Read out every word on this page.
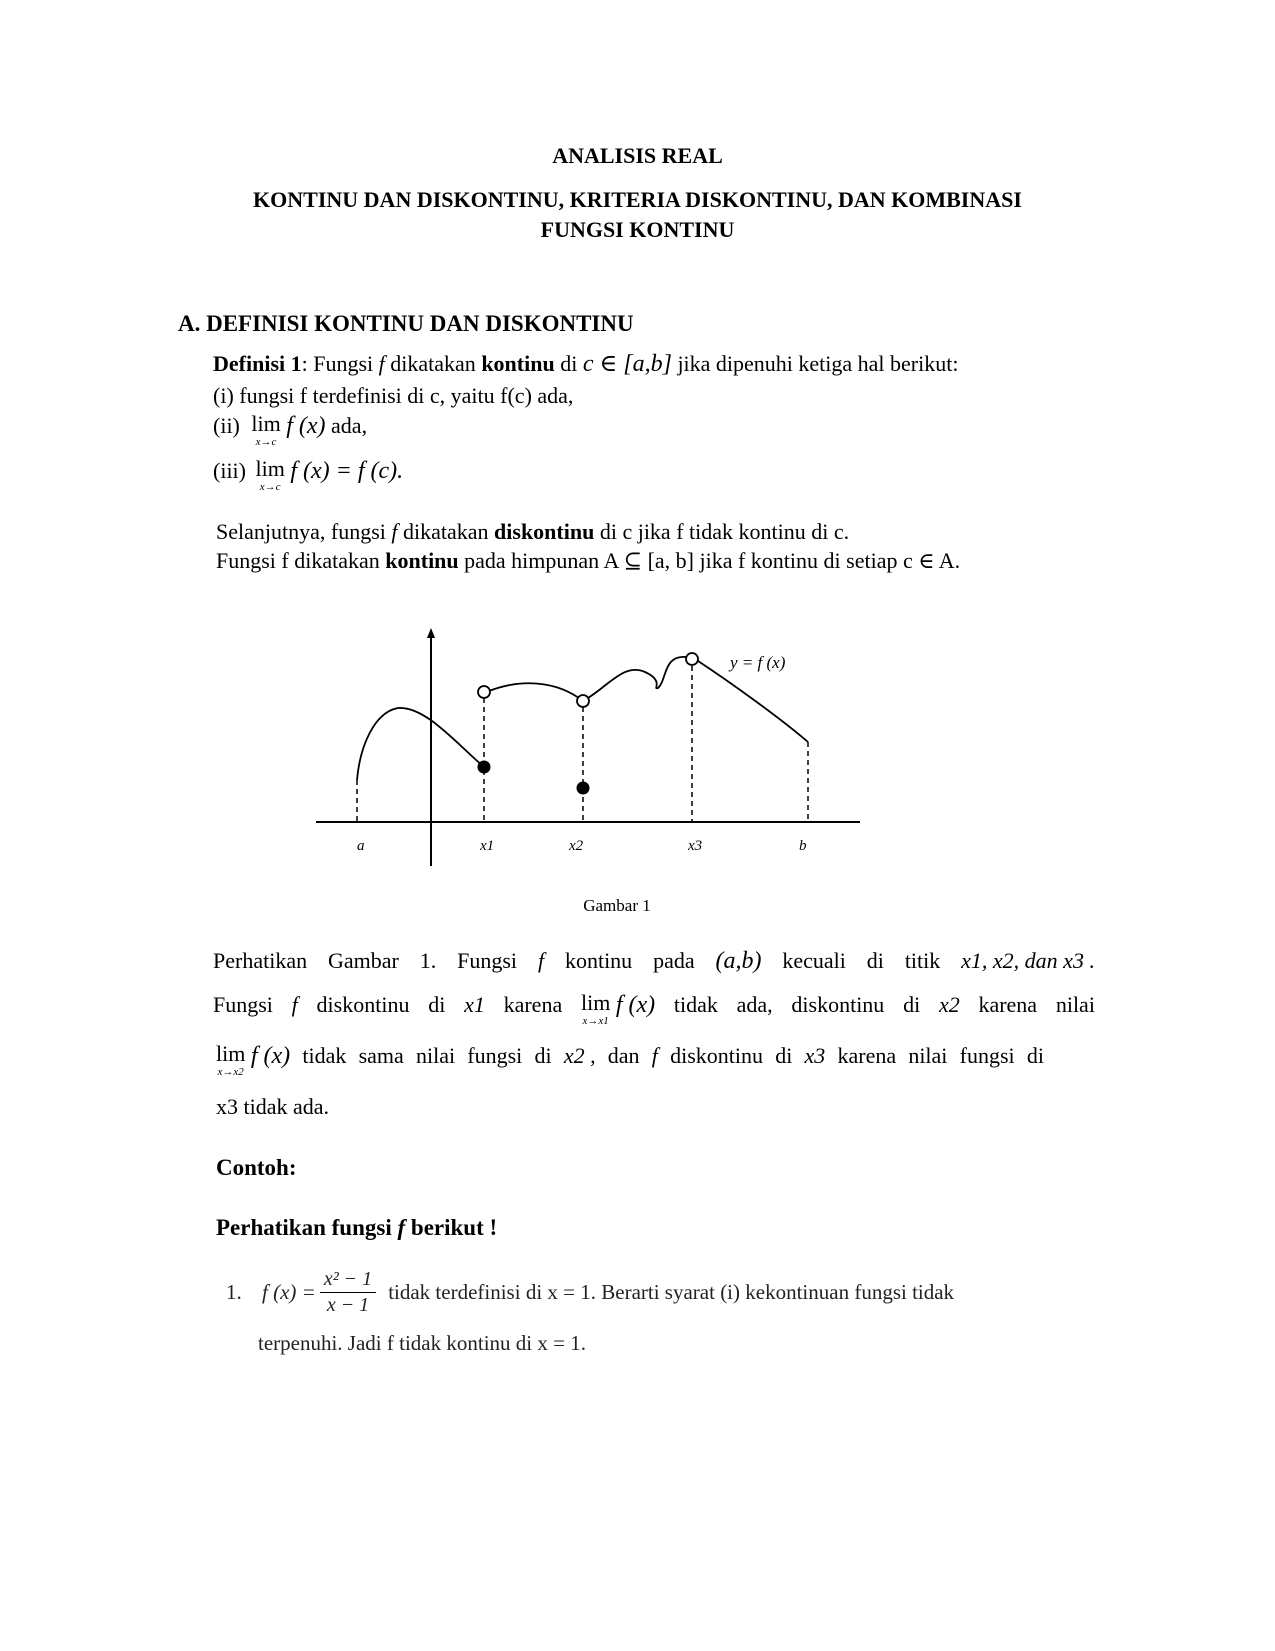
ANALISIS REAL
KONTINU DAN DISKONTINU, KRITERIA DISKONTINU, DAN KOMBINASI
FUNGSI KONTINU
A. DEFINISI KONTINU DAN DISKONTINU
Definisi 1: Fungsi f dikatakan kontinu di c ∈ [a,b] jika dipenuhi ketiga hal berikut:
(i) fungsi f terdefinisi di c, yaitu f(c) ada,
(ii) lim
x→c
f (x) ada,
(iii) lim
x→c
f (x) = f (c).
Selanjutnya, fungsi f dikatakan diskontinu di c jika f tidak kontinu di c.
Fungsi f dikatakan kontinu pada himpunan A ⊆ [a, b] jika f kontinu di setiap c ∈ A.
y = f (x)
a	x1	x2	x3	b
Gambar 1
Perhatikan Gambar 1. Fungsi f kontinu pada (a,b) kecuali di titik x1, x2, dan x3 .
Fungsi f diskontinu di x1 karena lim
x→x1
f (x) tidak ada, diskontinu di x2 karena nilai
lim
x→x2
f (x) tidak sama nilai fungsi di x2 , dan f diskontinu di x3 karena nilai fungsi di
x3 tidak ada.
Contoh:
Perhatikan fungsi f berikut !
1. f $(x) = \frac{\text{x² − 1}}{x - 1}$ tidak terdefinisi di x = 1. Berarti syarat (i) kekontinuan fungsi tidak
terpenuhi. Jadi f tidak kontinu di x = 1.
